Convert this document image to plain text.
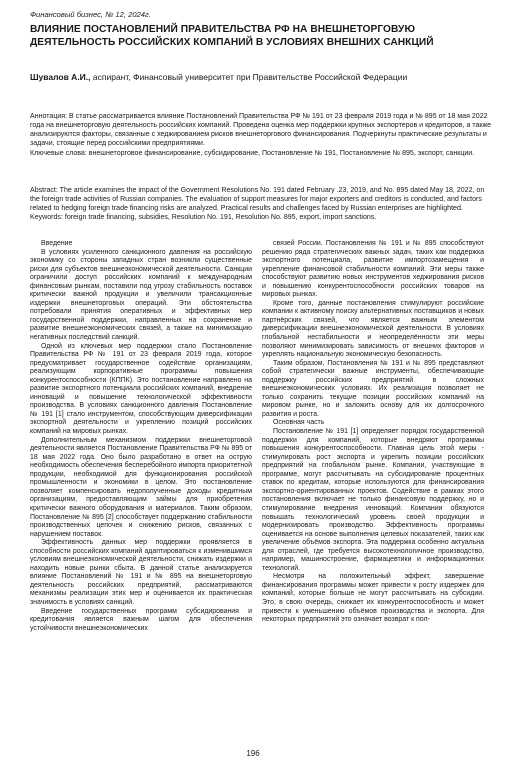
Финансовый бизнес, № 12, 2024г.
ВЛИЯНИЕ ПОСТАНОВЛЕНИЙ ПРАВИТЕЛЬСТВА РФ НА ВНЕШНЕТОРГОВУЮ ДЕЯТЕЛЬНОСТЬ РОССИЙСКИХ КОМПАНИЙ В УСЛОВИЯХ ВНЕШНИХ САНКЦИЙ
Шувалов А.И., аспирант, Финансовый университет при Правительстве Российской Федерации
Аннотация: В статье рассматривается влияние Постановлений Правительства РФ № 191 от 23 февраля 2019 года и № 895 от 18 мая 2022 года на внешнеторговую деятельность российских компаний. Проведена оценка мер поддержки крупных экспортеров и кредиторов, а также анализируются факторы, связанные с хеджированием рисков внешнеторгового финансирования. Подчеркнуты практические результаты и задачи, стоящие перед российскими предприятиями.
Ключевые слова: внешнеторговое финансирование, субсидирование, Постановление № 191, Постановление № 895, экспорт, санкции.
Abstract: The article examines the impact of the Government Resolutions No. 191 dated February .23, 2019, and No. 895 dated May 18, 2022, on the foreign trade activities of Russian companies. The evaluation of support measures for major exporters and creditors is conducted, and factors related to hedging foreign trade financing risks are analyzed. Practical results and challenges faced by Russian enterprises are highlighted.
Keywords: foreign trade financing, subsidies, Resolution No. 191, Resolution No. 895, export, import sanctions.

Введение

В условиях усиленного санкционного давления на российскую экономику со стороны западных стран возникли существенные риски для субъектов внешнеэкономической деятельности. Санкции ограничили доступ российских компаний к международным финансовым рынкам, поставили под угрозу стабильность поставок критически важной продукции и увеличили трансакционные издержки внешнеторговых операций. Эти обстоятельства потребовали принятия оперативных и эффективных мер государственной поддержки, направленных на сохранение и развитие внешнеэкономических связей, а также на минимизацию негативных последствий санкций.

Одной из ключевых мер поддержки стало Постановление Правительства РФ № 191 от 23 февраля 2019 года, которое предусматривает государственное содействие организациям, реализующим корпоративные программы повышения конкурентоспособности (КППК). Это постановление направлено на развитие экспортного потенциала российских компаний, внедрение инноваций и повышение технологической эффективности производства. В условиях санкционного давления Постановление № 191 [1] стало инструментом, способствующим диверсификации экспортной деятельности и укреплению позиций российских компаний на мировых рынках.

Дополнительным механизмом поддержки внешнеторговой деятельности является Постановление Правительства РФ № 895 от 18 мая 2022 года. Оно было разработано в ответ на острую необходимость обеспечения бесперебойного импорта приоритетной продукции, необходимой для функционирования российской промышленности и экономики в целом. Это постановление позволяет компенсировать недополученные доходы кредитным организациям, предоставляющим займы для приобретения критически важного оборудования и материалов. Таким образом, Постановление № 895 [2] способствует поддержанию стабильности производственных цепочек и снижению рисков, связанных с нарушением поставок.

Эффективность данных мер поддержки проявляется в способности российских компаний адаптироваться к изменившимся условиям внешнеэкономической деятельности, снижать издержки и находить новые рынки сбыта. В данной статье анализируется влияние Постановлений № 191 и № 895 на внешнеторговую деятельность российских предприятий, рассматриваются механизмы реализации этих мер и оценивается их практическая значимость в условиях санкций.

Введение государственных программ субсидирования и кредитования является важным шагом для обеспечения устойчивости внешнеэкономических

связей России. Постановления № 191 и № 895 способствуют решению ряда стратегических важных задач, таких как поддержка экспортного потенциала, развитие импортозамещения и укрепление финансовой стабильности компаний. Эти меры также способствуют развитию новых инструментов хеджирования рисков и повышению конкурентоспособности российских товаров на мировых рынках.

Кроме того, данные постановления стимулируют российские компании к активному поиску альтернативных поставщиков и новых партнёрских связей, что является важным элементом диверсификации внешнеэкономической деятельности. В условиях глобальной нестабильности и неопределённости эти меры позволяют минимизировать зависимость от внешних факторов и укреплять национальную экономическую безопасность.

Таким образом, Постановления № 191 и № 895 представляют собой стратегически важные инструменты, обеспечивающие поддержку российских предприятий в сложных внешнеэкономических условиях. Их реализация позволяет не только сохранить текущие позиции российских компаний на мировом рынке, но и заложить основу для их долгосрочного развития и роста.

Основная часть

Постановление № 191 [1] определяет порядок государственной поддержки для компаний, которые внедряют программы повышения конкурентоспособности. Главная цель этой меры - стимулировать рост экспорта и укрепить позиции российских предприятий на глобальном рынке. Компании, участвующие в программе, могут рассчитывать на субсидирование процентных ставок по кредитам, которые используются для финансирования экспортно-ориентированных проектов. Содействие в рамках этого постановления включает не только финансовую поддержку, но и стимулирование внедрения инноваций. Компании обязуются повышать технологический уровень своей продукции и модернизировать производство. Эффективность программы оценивается на основе выполнения целевых показателей, таких как увеличение объёмов экспорта. Эта поддержка особенно актуальна для отраслей, где требуется высокотехнологичное производство, например, машиностроение, фармацевтики и информационных технологий.

Несмотря на положительный эффект, завершение финансирования программы может привести к росту издержек для компаний, которые больше не могут рассчитывать на субсидии. Это, в свою очередь, снижает их конкурентоспособность и может привести к уменьшению объёмов производства и экспорта. Для некоторых предприятий это означает возврат к пол-

196
